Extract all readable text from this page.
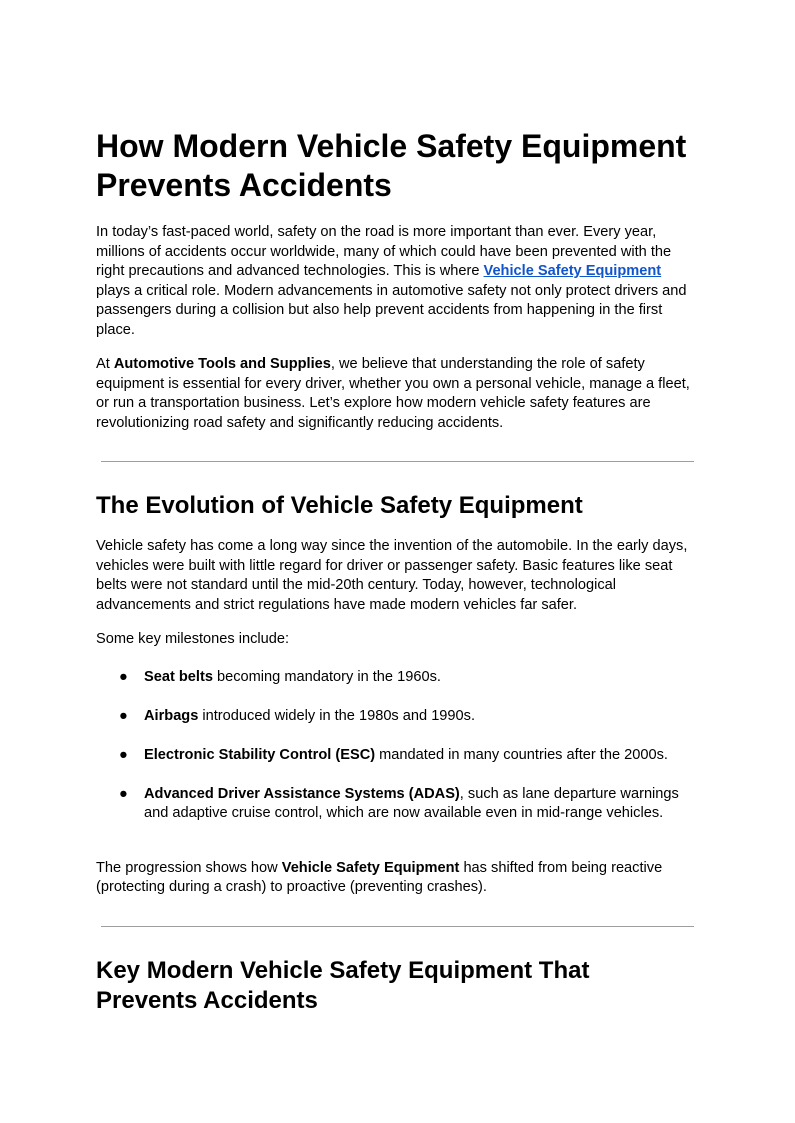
How Modern Vehicle Safety Equipment Prevents Accidents

In today’s fast-paced world, safety on the road is more important than ever. Every year, millions of accidents occur worldwide, many of which could have been prevented with the right precautions and advanced technologies. This is where Vehicle Safety Equipment plays a critical role. Modern advancements in automotive safety not only protect drivers and passengers during a collision but also help prevent accidents from happening in the first place.

At Automotive Tools and Supplies, we believe that understanding the role of safety equipment is essential for every driver, whether you own a personal vehicle, manage a fleet, or run a transportation business. Let’s explore how modern vehicle safety features are revolutionizing road safety and significantly reducing accidents.

The Evolution of Vehicle Safety Equipment

Vehicle safety has come a long way since the invention of the automobile. In the early days, vehicles were built with little regard for driver or passenger safety. Basic features like seat belts were not standard until the mid-20th century. Today, however, technological advancements and strict regulations have made modern vehicles far safer.

Some key milestones include:

● Seat belts becoming mandatory in the 1960s.
● Airbags introduced widely in the 1980s and 1990s.
● Electronic Stability Control (ESC) mandated in many countries after the 2000s.
● Advanced Driver Assistance Systems (ADAS), such as lane departure warnings and adaptive cruise control, which are now available even in mid-range vehicles.

The progression shows how Vehicle Safety Equipment has shifted from being reactive (protecting during a crash) to proactive (preventing crashes).

Key Modern Vehicle Safety Equipment That Prevents Accidents
